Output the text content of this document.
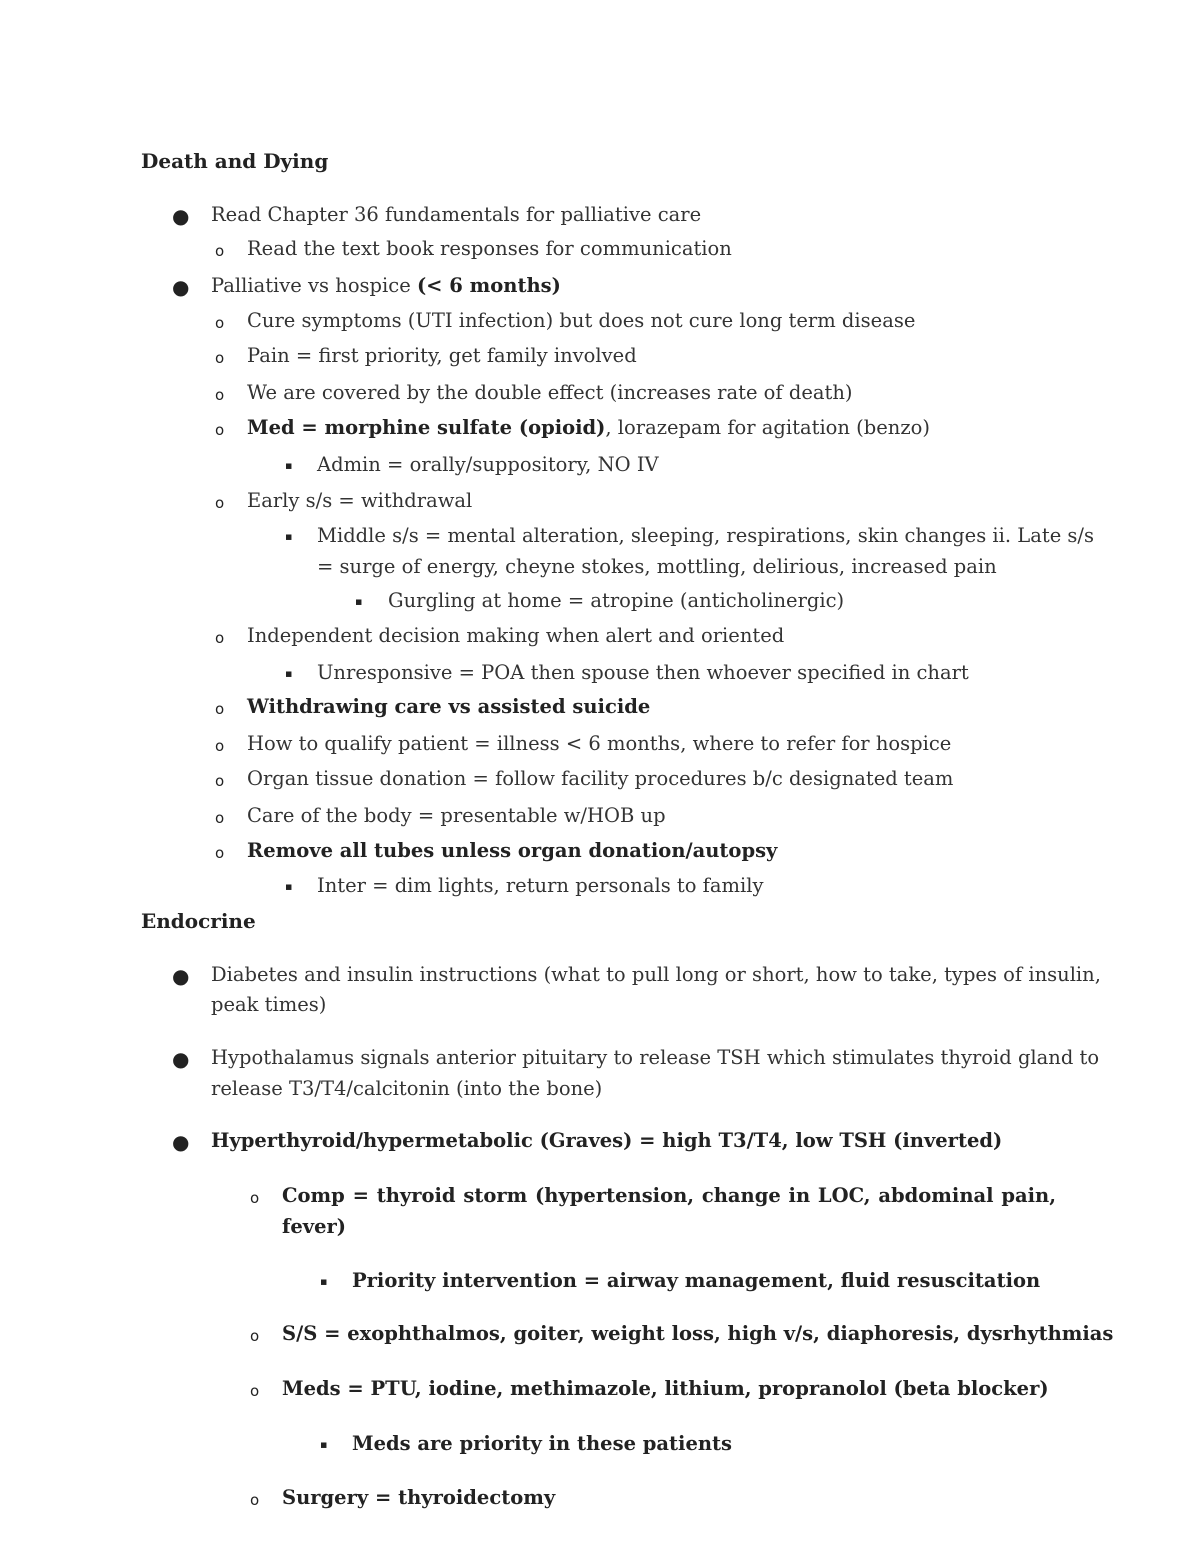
Death and Dying
● Read Chapter 36 fundamentals for palliative care
o Read the text book responses for communication
● Palliative vs hospice (< 6 months)
o Cure symptoms (UTI infection) but does not cure long term disease
o Pain = first priority, get family involved
o We are covered by the double effect (increases rate of death)
o Med = morphine sulfate (opioid), lorazepam for agitation (benzo)
▪ Admin = orally/suppository, NO IV
o Early s/s = withdrawal
▪ Middle s/s = mental alteration, sleeping, respirations, skin changes ii. Late s/s
= surge of energy, cheyne stokes, mottling, delirious, increased pain
▪ Gurgling at home = atropine (anticholinergic)
o Independent decision making when alert and oriented
▪ Unresponsive = POA then spouse then whoever specified in chart
o Withdrawing care vs assisted suicide
o How to qualify patient = illness < 6 months, where to refer for hospice
o Organ tissue donation = follow facility procedures b/c designated team
o Care of the body = presentable w/HOB up
o Remove all tubes unless organ donation/autopsy
▪ Inter = dim lights, return personals to family
Endocrine
● Diabetes and insulin instructions (what to pull long or short, how to take, types of insulin,
peak times)
● Hypothalamus signals anterior pituitary to release TSH which stimulates thyroid gland to
release T3/T4/calcitonin (into the bone)
● Hyperthyroid/hypermetabolic (Graves) = high T3/T4, low TSH (inverted)
o Comp = thyroid storm (hypertension, change in LOC, abdominal pain,
fever)
▪ Priority intervention = airway management, fluid resuscitation
o S/S = exophthalmos, goiter, weight loss, high v/s, diaphoresis, dysrhythmias
o Meds = PTU, iodine, methimazole, lithium, propranolol (beta blocker)
▪ Meds are priority in these patients
o Surgery = thyroidectomy
